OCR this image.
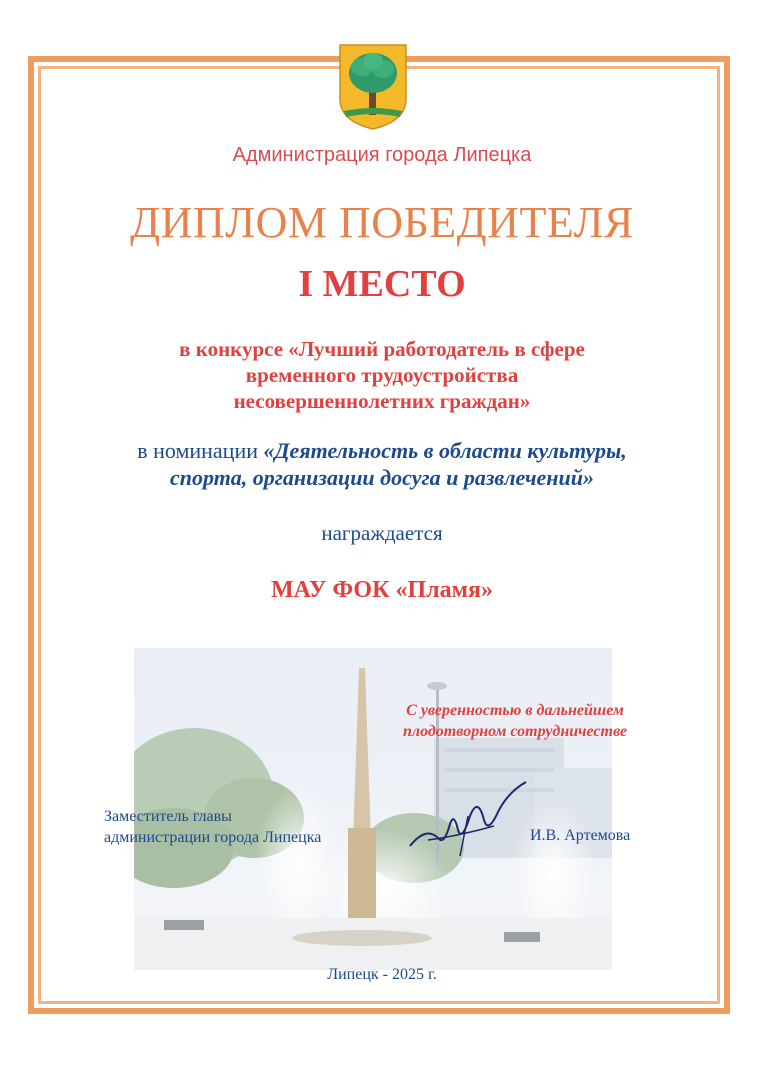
Администрация города Липецка
ДИПЛОМ ПОБЕДИТЕЛЯ
I МЕСТО
в конкурсе «Лучший работодатель в сфере
временного трудоустройства
несовершеннолетних граждан»
в номинации «Деятельность в области культуры,
спорта, организации досуга и развлечений»
награждается
МАУ ФОК «Пламя»
С уверенностью в дальнейшем
плодотворном сотрудничестве
Заместитель главы
администрации города Липецка	И.В. Артемова
Липецк - 2025 г.
